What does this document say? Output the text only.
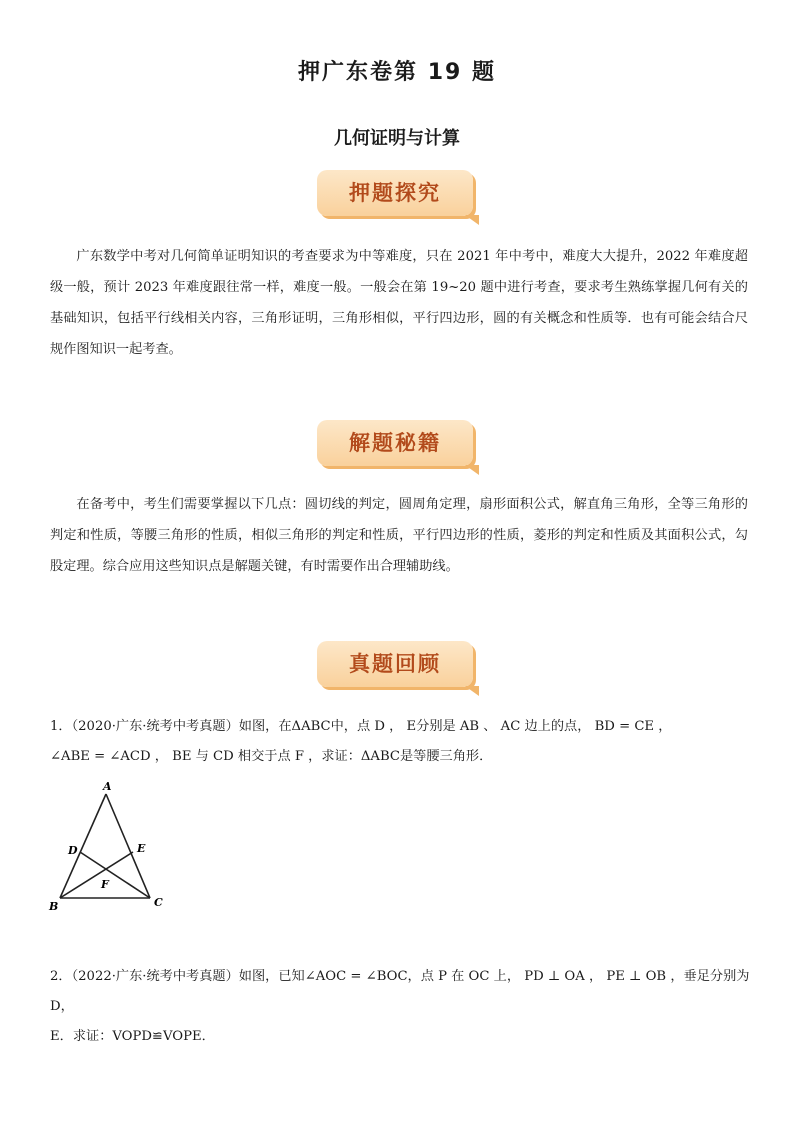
押广东卷第 19 题
几何证明与计算
押题探究
广东数学中考对几何简单证明知识的考查要求为中等难度，只在 2021 年中考中，难度大大提升，2022 年难度超级一般，预计 2023 年难度跟往常一样，难度一般。一般会在第 19~20 题中进行考查，要求考生熟练掌握几何有关的基础知识，包括平行线相关内容，三角形证明，三角形相似，平行四边形，圆的有关概念和性质等．也有可能会结合尺规作图知识一起考查。
解题秘籍
在备考中，考生们需要掌握以下几点：圆切线的判定，圆周角定理，扇形面积公式，解直角三角形，全等三角形的判定和性质，等腰三角形的性质，相似三角形的判定和性质，平行四边形的性质，菱形的判定和性质及其面积公式，勾股定理。综合应用这些知识点是解题关键，有时需要作出合理辅助线。
真题回顾
1．（2020·广东·统考中考真题）如图，在ΔABC中，点 D ， E分别是 AB 、 AC 边上的点， BD = CE ，
∠ABE = ∠ACD ， BE 与 CD 相交于点 F ，求证：ΔABC是等腰三角形．
A
B	C
D	E
F
2．（2022·广东·统考中考真题）如图，已知∠AOC = ∠BOC，点 P 在 OC 上， PD ⊥ OA ， PE ⊥ OB ，垂足分别为 D，
E．求证：VOPD≌VOPE．
